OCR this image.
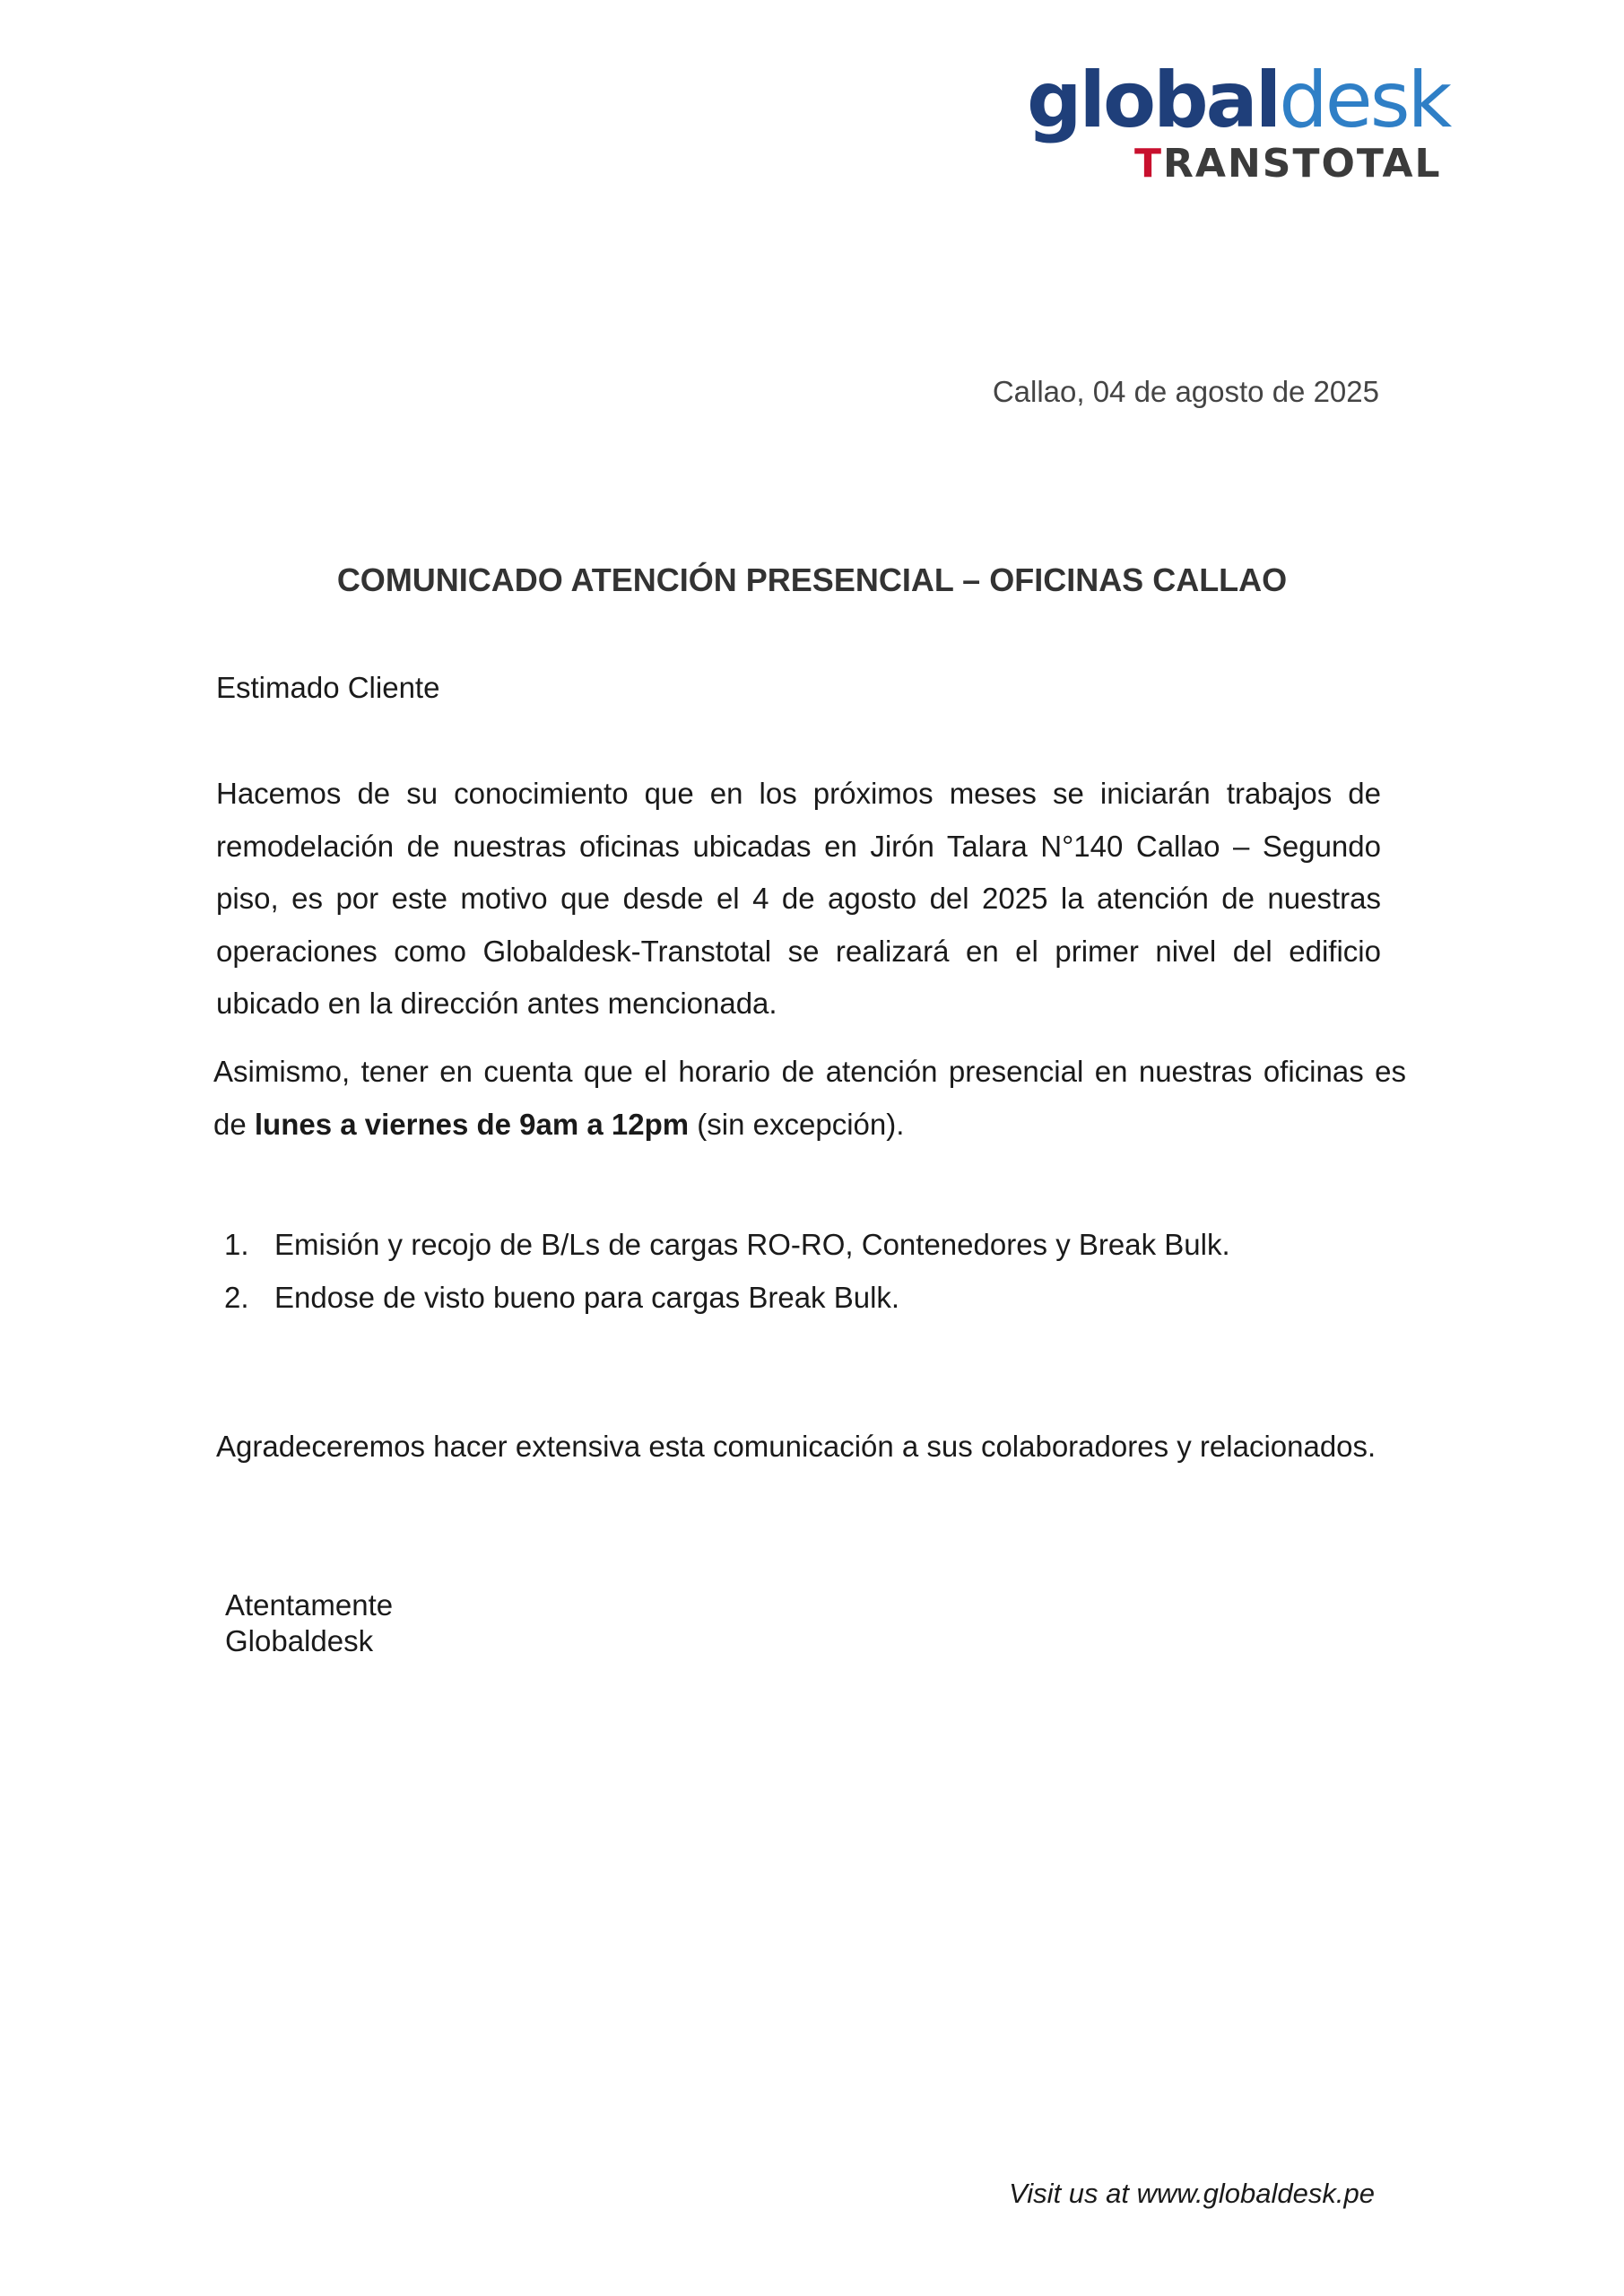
globaldesk
TRANSTOTAL
Callao, 04 de agosto de 2025
COMUNICADO ATENCIÓN PRESENCIAL – OFICINAS CALLAO
Estimado Cliente
Hacemos de su conocimiento que en los próximos meses se iniciarán trabajos de remodelación de nuestras oficinas ubicadas en Jirón Talara N°140 Callao – Segundo piso, es por este motivo que desde el 4 de agosto del 2025 la atención de nuestras operaciones como Globaldesk-Transtotal se realizará en el primer nivel del edificio ubicado en la dirección antes mencionada.
Asimismo, tener en cuenta que el horario de atención presencial en nuestras oficinas es de lunes a viernes de 9am a 12pm (sin excepción).
1. Emisión y recojo de B/Ls de cargas RO-RO, Contenedores y Break Bulk.
2. Endose de visto bueno para cargas Break Bulk.
Agradeceremos hacer extensiva esta comunicación a sus colaboradores y relacionados.
Atentamente
Globaldesk
Visit us at www.globaldesk.pe
